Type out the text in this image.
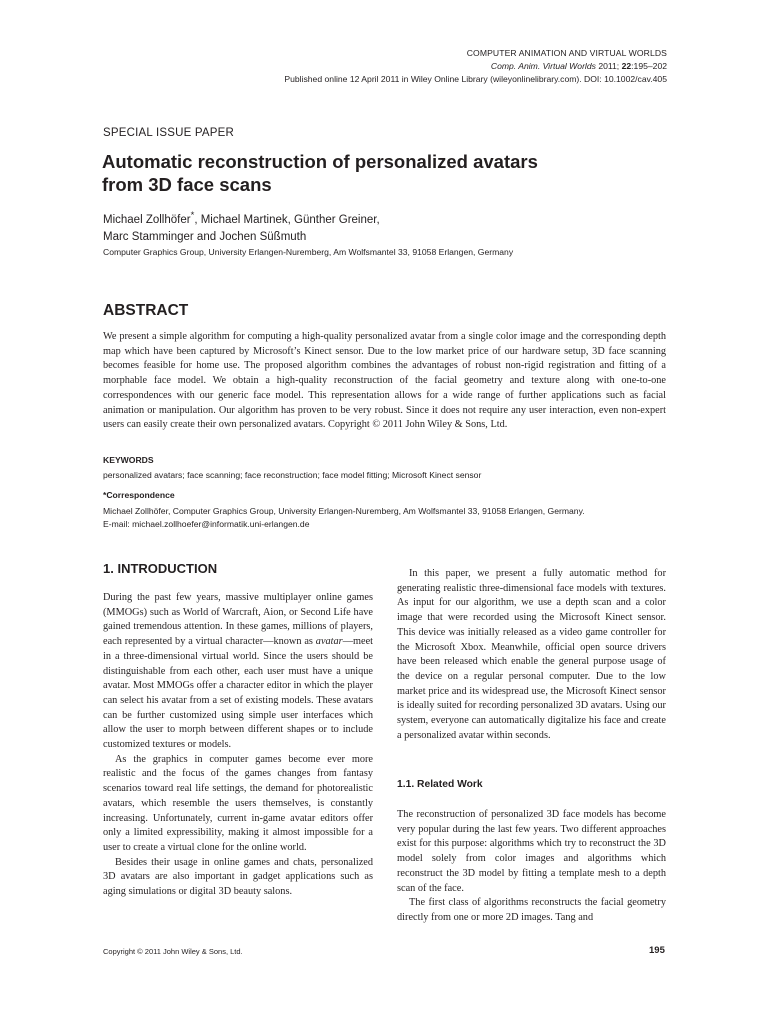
COMPUTER ANIMATION AND VIRTUAL WORLDS
Comp. Anim. Virtual Worlds 2011; 22:195–202
Published online 12 April 2011 in Wiley Online Library (wileyonlinelibrary.com). DOI: 10.1002/cav.405
SPECIAL ISSUE PAPER
Automatic reconstruction of personalized avatars
from 3D face scans
Michael Zollhöfer*, Michael Martinek, Günther Greiner,
Marc Stamminger and Jochen Süßmuth
Computer Graphics Group, University Erlangen-Nuremberg, Am Wolfsmantel 33, 91058 Erlangen, Germany
ABSTRACT

We present a simple algorithm for computing a high-quality personalized avatar from a single color image and the corresponding depth map which have been captured by Microsoft’s Kinect sensor. Due to the low market price of our hardware setup, 3D face scanning becomes feasible for home use. The proposed algorithm combines the advantages of robust non-rigid registration and fitting of a morphable face model. We obtain a high-quality reconstruction of the facial geometry and texture along with one-to-one correspondences with our generic face model. This representation allows for a wide range of further applications such as facial animation or manipulation. Our algorithm has proven to be very robust. Since it does not require any user interaction, even non-expert users can easily create their own personalized avatars. Copyright © 2011 John Wiley & Sons, Ltd.

KEYWORDS
personalized avatars; face scanning; face reconstruction; face model fitting; Microsoft Kinect sensor
*Correspondence
Michael Zollhöfer, Computer Graphics Group, University Erlangen-Nuremberg, Am Wolfsmantel 33, 91058 Erlangen, Germany.
E-mail: michael.zollhoefer@informatik.uni-erlangen.de
1. INTRODUCTION

During the past few years, massive multiplayer online games (MMOGs) such as World of Warcraft, Aion, or Second Life have gained tremendous attention. In these games, millions of players, each represented by a virtual character—known as avatar—meet in a three-dimensional virtual world. Since the users should be distinguishable from each other, each user must have a unique avatar. Most MMOGs offer a character editor in which the player can select his avatar from a set of existing models. These avatars can be further customized using simple user interfaces which allow the user to morph between different shapes or to include customized textures or models.

As the graphics in computer games become ever more realistic and the focus of the games changes from fantasy scenarios toward real life settings, the demand for photorealistic avatars, which resemble the users themselves, is constantly increasing. Unfortunately, current in-game avatar editors offer only a limited expressibility, making it almost impossible for a user to create a virtual clone for the online world.

Besides their usage in online games and chats, personalized 3D avatars are also important in gadget applications such as aging simulations or digital 3D beauty salons.

In this paper, we present a fully automatic method for generating realistic three-dimensional face models with textures. As input for our algorithm, we use a depth scan and a color image that were recorded using the Microsoft Kinect sensor. This device was initially released as a video game controller for the Microsoft Xbox. Meanwhile, official open source drivers have been released which enable the general purpose usage of the device on a regular personal computer. Due to the low market price and its widespread use, the Microsoft Kinect sensor is ideally suited for recording personalized 3D avatars. Using our system, everyone can automatically digitalize his face and create a personalized avatar within seconds.

1.1. Related Work

The reconstruction of personalized 3D face models has become very popular during the last few years. Two different approaches exist for this purpose: algorithms which try to reconstruct the 3D model solely from color images and algorithms which reconstruct the 3D model by fitting a template mesh to a depth scan of the face.

The first class of algorithms reconstructs the facial geometry directly from one or more 2D images. Tang and

Copyright © 2011 John Wiley & Sons, Ltd.	195
